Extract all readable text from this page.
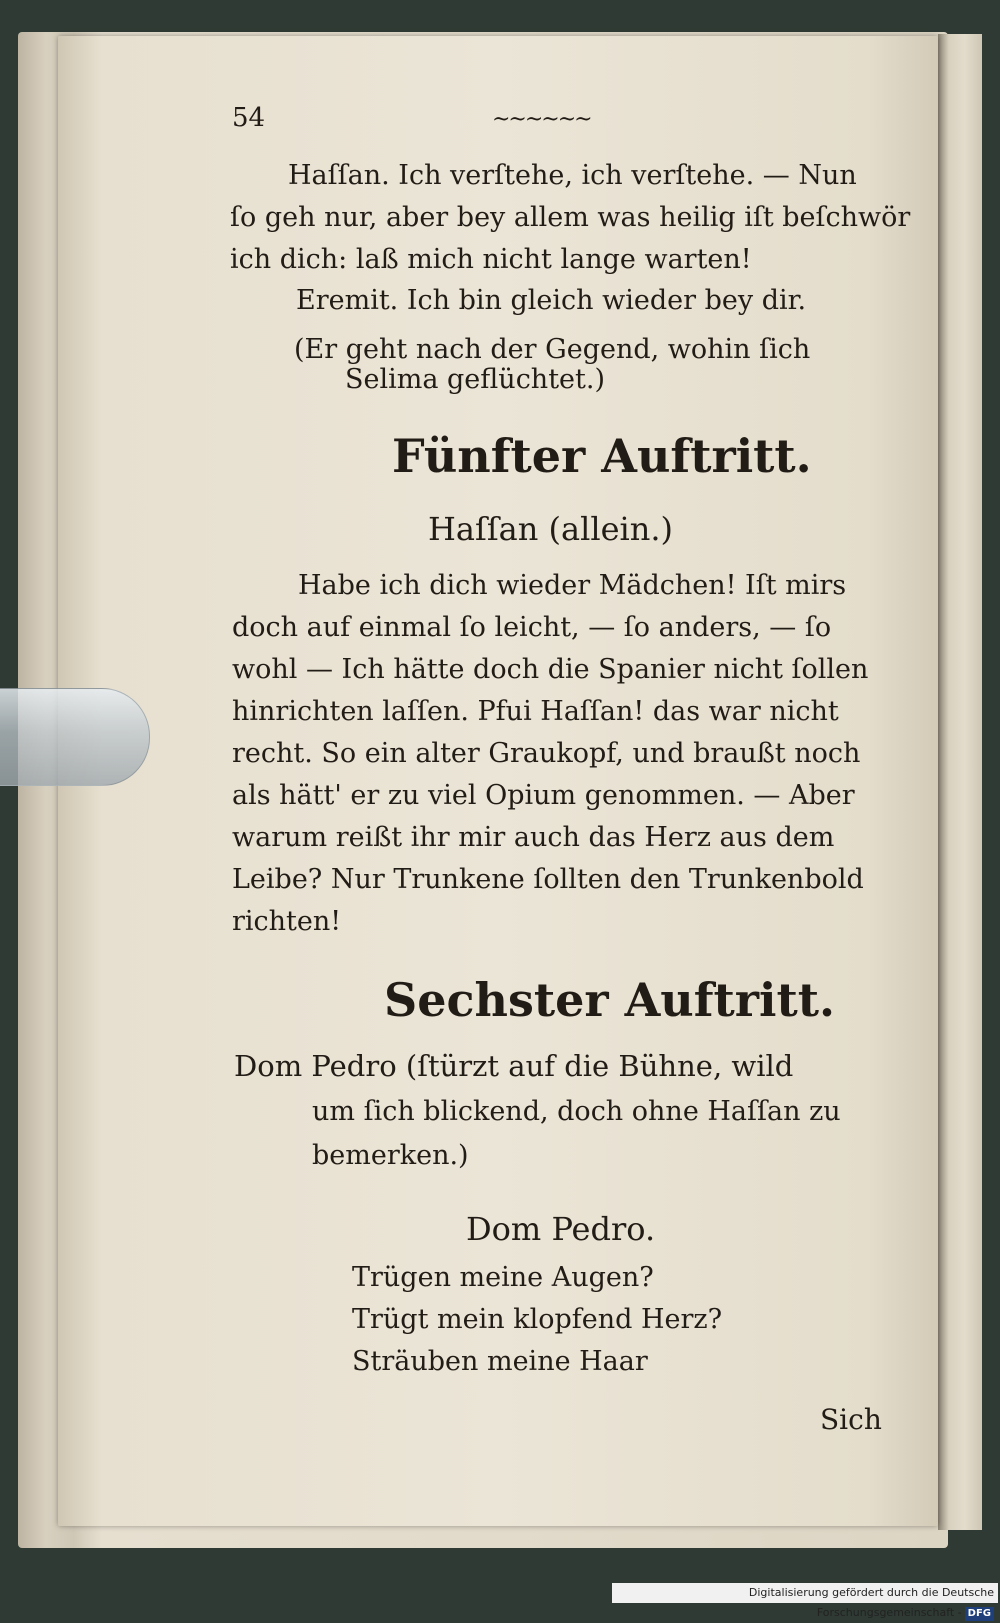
54	~~~~~~
Haſſan. Ich verſtehe, ich verſtehe. — Nun
ſo geh nur, aber bey allem was heilig iſt beſchwör
ich dich: laß mich nicht lange warten!
Eremit. Ich bin gleich wieder bey dir.
(Er geht nach der Gegend, wohin ſich
Selima geflüchtet.)
Fünfter Auftritt.
Haſſan (allein.)
Habe ich dich wieder Mädchen! Iſt mirs
doch auf einmal ſo leicht, — ſo anders, — ſo
wohl — Ich hätte doch die Spanier nicht ſollen
hinrichten laſſen. Pfui Haſſan! das war nicht
recht. So ein alter Graukopf, und braußt noch
als hätt' er zu viel Opium genommen. — Aber
warum reißt ihr mir auch das Herz aus dem
Leibe? Nur Trunkene ſollten den Trunkenbold
richten!
Sechster Auftritt.
Dom Pedro (ſtürzt auf die Bühne, wild
um ſich blickend, doch ohne Haſſan zu
bemerken.)
Dom Pedro.
Trügen meine Augen?
Trügt mein klopfend Herz?
Sträuben meine Haar
Sich
Digitalisierung gefördert durch die Deutsche Forschungsgemeinschaft - DFG
